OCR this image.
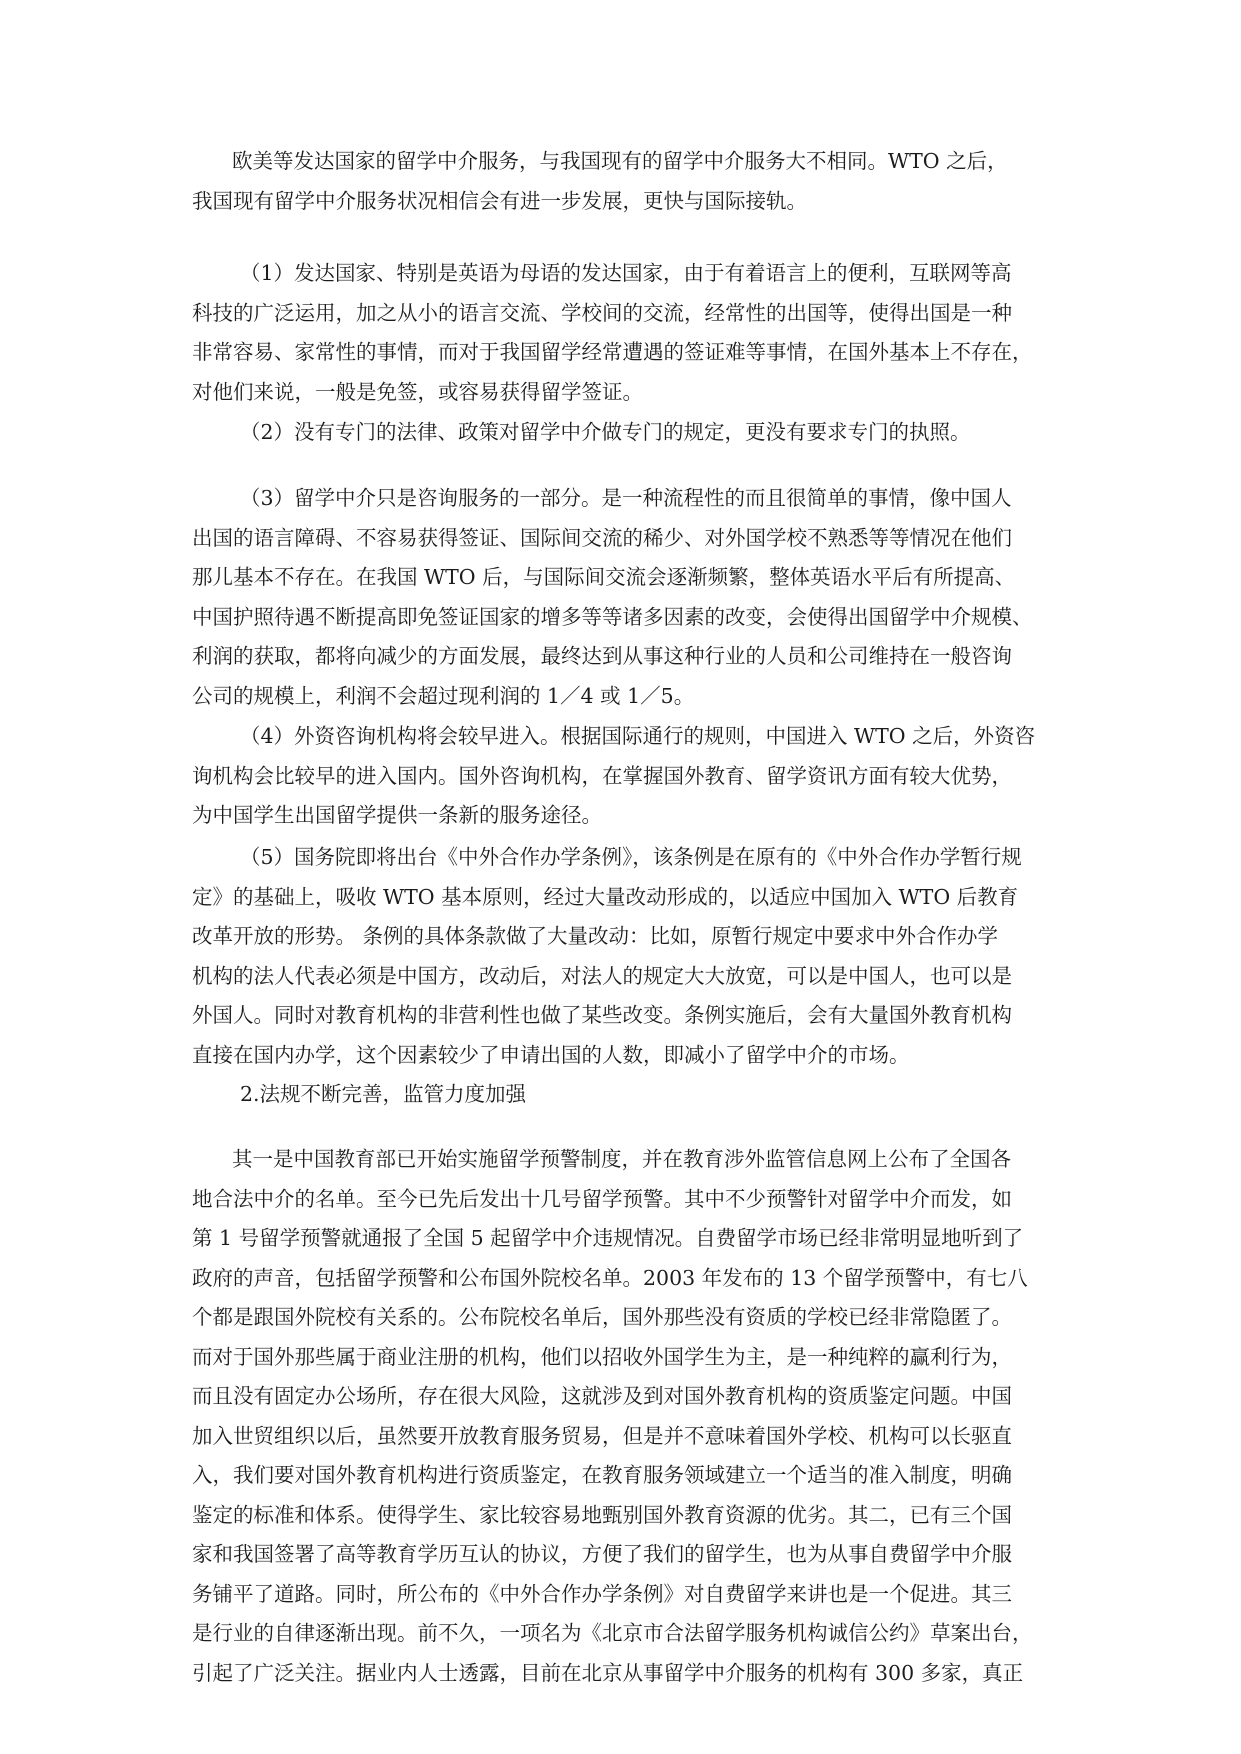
欧美等发达国家的留学中介服务，与我国现有的留学中介服务大不相同。WTO 之后，
我国现有留学中介服务状况相信会有进一步发展，更快与国际接轨。

（1）发达国家、特别是英语为母语的发达国家，由于有着语言上的便利，互联网等高
科技的广泛运用，加之从小的语言交流、学校间的交流，经常性的出国等，使得出国是一种
非常容易、家常性的事情，而对于我国留学经常遭遇的签证难等事情，在国外基本上不存在，
对他们来说，一般是免签，或容易获得留学签证。

（2）没有专门的法律、政策对留学中介做专门的规定，更没有要求专门的执照。

（3）留学中介只是咨询服务的一部分。是一种流程性的而且很简单的事情，像中国人
出国的语言障碍、不容易获得签证、国际间交流的稀少、对外国学校不熟悉等等情况在他们
那儿基本不存在。在我国 WTO 后，与国际间交流会逐渐频繁，整体英语水平后有所提高、
中国护照待遇不断提高即免签证国家的增多等等诸多因素的改变，会使得出国留学中介规模、
利润的获取，都将向减少的方面发展，最终达到从事这种行业的人员和公司维持在一般咨询
公司的规模上，利润不会超过现利润的 1／4 或 1／5。

（4）外资咨询机构将会较早进入。根据国际通行的规则，中国进入 WTO 之后，外资咨
询机构会比较早的进入国内。国外咨询机构，在掌握国外教育、留学资讯方面有较大优势，
为中国学生出国留学提供一条新的服务途径。

（5）国务院即将出台《中外合作办学条例》，该条例是在原有的《中外合作办学暂行规
定》的基础上，吸收 WTO 基本原则，经过大量改动形成的，以适应中国加入 WTO 后教育
改革开放的形势。 条例的具体条款做了大量改动：比如，原暂行规定中要求中外合作办学
机构的法人代表必须是中国方，改动后，对法人的规定大大放宽，可以是中国人，也可以是
外国人。同时对教育机构的非营利性也做了某些改变。条例实施后，会有大量国外教育机构
直接在国内办学，这个因素较少了申请出国的人数，即减小了留学中介的市场。

2.法规不断完善，监管力度加强

其一是中国教育部已开始实施留学预警制度，并在教育涉外监管信息网上公布了全国各
地合法中介的名单。至今已先后发出十几号留学预警。其中不少预警针对留学中介而发，如
第 1 号留学预警就通报了全国 5 起留学中介违规情况。自费留学市场已经非常明显地听到了
政府的声音，包括留学预警和公布国外院校名单。2003 年发布的 13 个留学预警中，有七八
个都是跟国外院校有关系的。公布院校名单后，国外那些没有资质的学校已经非常隐匿了。
而对于国外那些属于商业注册的机构，他们以招收外国学生为主，是一种纯粹的赢利行为，
而且没有固定办公场所，存在很大风险，这就涉及到对国外教育机构的资质鉴定问题。中国
加入世贸组织以后，虽然要开放教育服务贸易，但是并不意味着国外学校、机构可以长驱直
入，我们要对国外教育机构进行资质鉴定，在教育服务领域建立一个适当的准入制度，明确
鉴定的标准和体系。使得学生、家比较容易地甄别国外教育资源的优劣。其二，已有三个国
家和我国签署了高等教育学历互认的协议，方便了我们的留学生，也为从事自费留学中介服
务铺平了道路。同时，所公布的《中外合作办学条例》对自费留学来讲也是一个促进。其三
是行业的自律逐渐出现。前不久，一项名为《北京市合法留学服务机构诚信公约》草案出台，
引起了广泛关注。据业内人士透露，目前在北京从事留学中介服务的机构有 300 多家，真正
